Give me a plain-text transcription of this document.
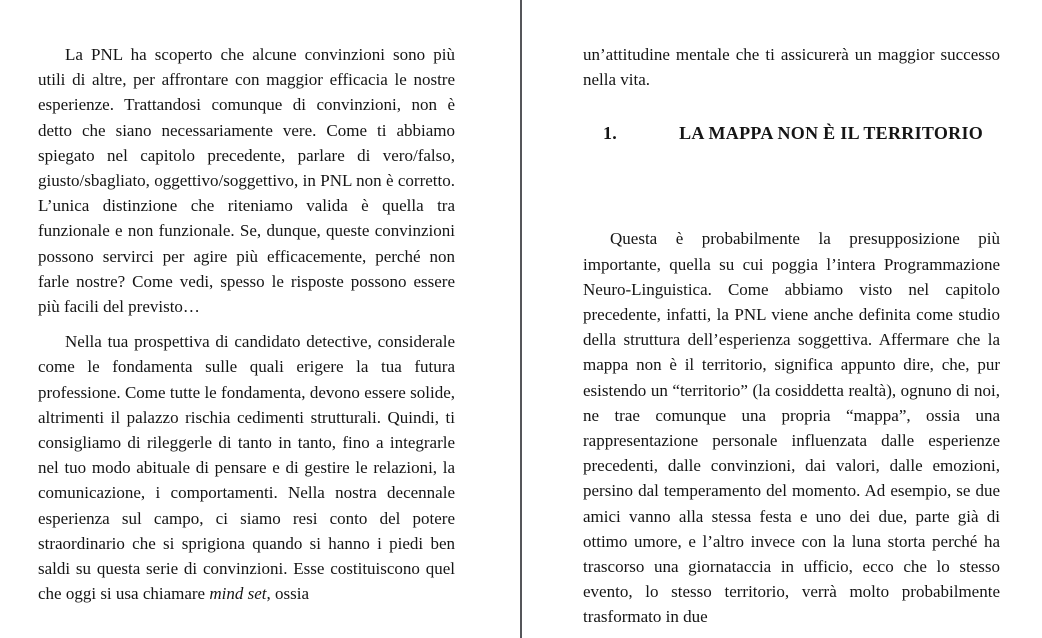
La PNL ha scoperto che alcune convinzioni sono più utili di altre, per affrontare con maggior efficacia le nostre esperienze. Trattandosi comunque di convinzioni, non è detto che siano necessariamente vere. Come ti abbiamo spiegato nel capitolo precedente, parlare di vero/falso, giusto/sbagliato, oggettivo/soggettivo, in PNL non è corretto. L’unica distinzione che riteniamo valida è quella tra funzionale e non funzionale. Se, dunque, queste convinzioni possono servirci per agire più efficacemente, perché non farle nostre? Come vedi, spesso le risposte possono essere più facili del previsto…

Nella tua prospettiva di candidato detective, considerale come le fondamenta sulle quali erigere la tua futura professione. Come tutte le fondamenta, devono essere solide, altrimenti il palazzo rischia cedimenti strutturali. Quindi, ti consigliamo di rileggerle di tanto in tanto, fino a integrarle nel tuo modo abituale di pensare e di gestire le relazioni, la comunicazione, i comportamenti. Nella nostra decennale esperienza sul campo, ci siamo resi conto del potere straordinario che si sprigiona quando si hanno i piedi ben saldi su questa serie di convinzioni. Esse costituiscono quel che oggi si usa chiamare mind set, ossia

un’attitudine mentale che ti assicurerà un maggior successo nella vita.

1.	LA MAPPA NON È IL TERRITORIO

Questa è probabilmente la presupposizione più importante, quella su cui poggia l’intera Programmazione Neuro-Linguistica. Come abbiamo visto nel capitolo precedente, infatti, la PNL viene anche definita come studio della struttura dell’esperienza soggettiva. Affermare che la mappa non è il territorio, significa appunto dire, che, pur esistendo un “territorio” (la cosiddetta realtà), ognuno di noi, ne trae comunque una propria “mappa”, ossia una rappresentazione personale influenzata dalle esperienze precedenti, dalle convinzioni, dai valori, dalle emozioni, persino dal temperamento del momento. Ad esempio, se due amici vanno alla stessa festa e uno dei due, parte già di ottimo umore, e l’altro invece con la luna storta perché ha trascorso una giornataccia in ufficio, ecco che lo stesso evento, lo stesso territorio, verrà molto probabilmente trasformato in due
